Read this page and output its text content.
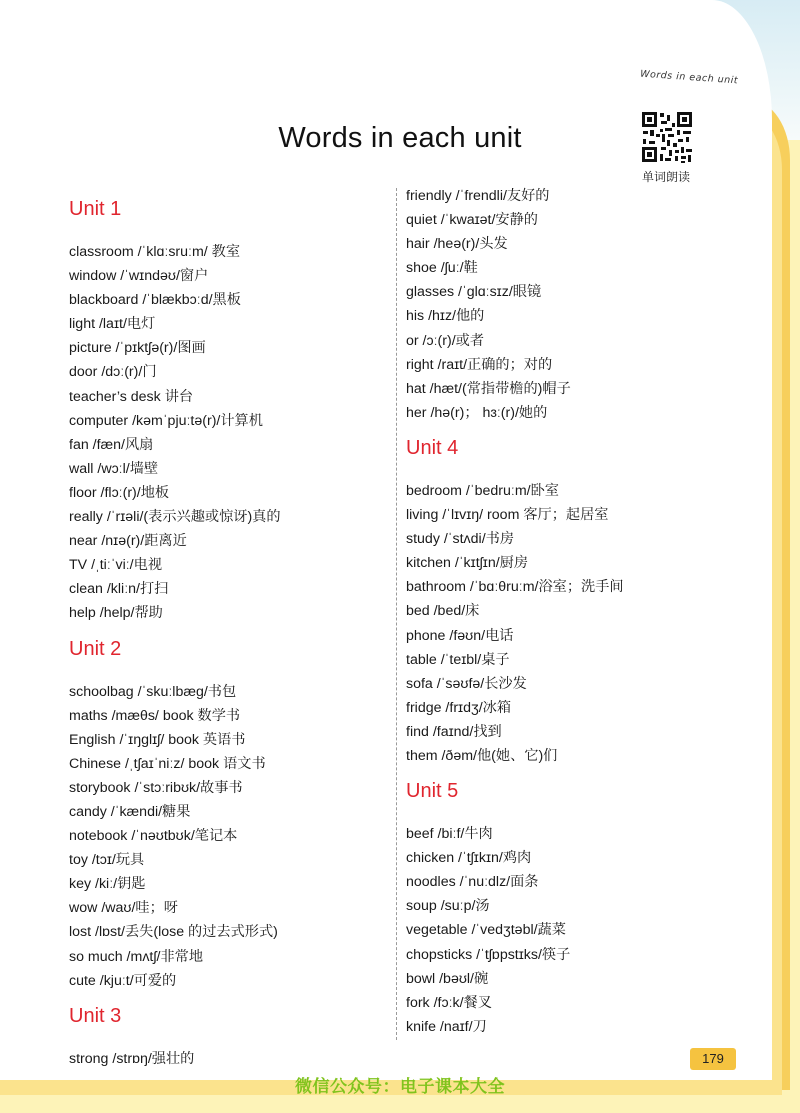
Words in each unit
Words in each unit
单词朗读
Unit 1
classroom /ˈklɑːsruːm/ 教室
window /ˈwɪndəʊ/窗户
blackboard /ˈblækbɔːd/黑板
light /laɪt/电灯
picture /ˈpɪktʃə(r)/图画
door /dɔː(r)/门
teacher’s desk 讲台
computer /kəmˈpjuːtə(r)/计算机
fan /fæn/风扇
wall /wɔːl/墙壁
floor /flɔː(r)/地板
really /ˈrɪəli/(表示兴趣或惊讶)真的
near /nɪə(r)/距离近
TV /ˌtiːˈviː/电视
clean /kliːn/打扫
help /help/帮助
Unit 2
schoolbag /ˈskuːlbæg/书包
maths /mæθs/ book 数学书
English /ˈɪŋglɪʃ/ book 英语书
Chinese /ˌtʃaɪˈniːz/ book 语文书
storybook /ˈstɔːribʊk/故事书
candy /ˈkændi/糖果
notebook /ˈnəʊtbʊk/笔记本
toy /tɔɪ/玩具
key /kiː/钥匙
wow /waʊ/哇；呀
lost /lɒst/丢失(lose 的过去式形式)
so much /mʌtʃ/非常地
cute /kjuːt/可爱的
Unit 3
strong /strɒŋ/强壮的
friendly /ˈfrendli/友好的
quiet /ˈkwaɪət/安静的
hair /heə(r)/头发
shoe /ʃuː/鞋
glasses /ˈglɑːsɪz/眼镜
his /hɪz/他的
or /ɔː(r)/或者
right /raɪt/正确的；对的
hat /hæt/(常指带檐的)帽子
her /hə(r)； hɜː(r)/她的
Unit 4
bedroom /ˈbedruːm/卧室
living /ˈlɪvɪŋ/ room 客厅；起居室
study /ˈstʌdi/书房
kitchen /ˈkɪtʃɪn/厨房
bathroom /ˈbɑːθruːm/浴室；洗手间
bed /bed/床
phone /fəʊn/电话
table /ˈteɪbl/桌子
sofa /ˈsəʊfə/长沙发
fridge /frɪdʒ/冰箱
find /faɪnd/找到
them /ðəm/他(她、它)们
Unit 5
beef /biːf/牛肉
chicken /ˈtʃɪkɪn/鸡肉
noodles /ˈnuːdlz/面条
soup /suːp/汤
vegetable /ˈvedʒtəbl/蔬菜
chopsticks /ˈtʃɒpstɪks/筷子
bowl /bəʊl/碗
fork /fɔːk/餐叉
knife /naɪf/刀
179
微信公众号：电子课本大全
